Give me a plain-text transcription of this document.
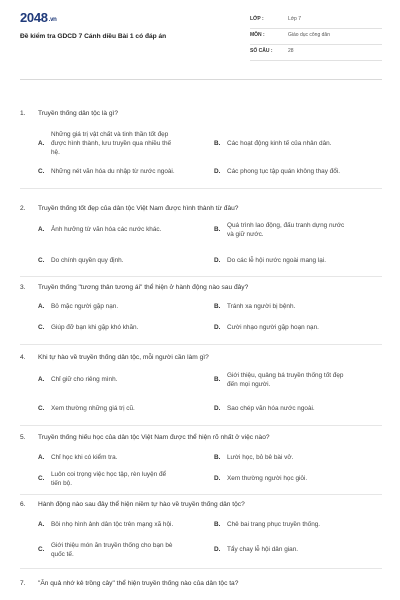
2048.vn
Đề kiểm tra GDCD 7 Cánh diều Bài 1 có đáp án
LỚP :	Lớp 7
MÔN :	Giáo dục công dân
SỐ CÂU :	28
1. Truyền thống dân tộc là gì?
A.
Những giá trị vật chất và tinh thần tốt đẹp
được hình thành, lưu truyền qua nhiều thế
hệ.
B. Các hoạt động kinh tế của nhân dân.
C. Những nét văn hóa du nhập từ nước ngoài.	D. Các phong tục tập quán không thay đổi.
2. Truyền thống tốt đẹp của dân tộc Việt Nam được hình thành từ đâu?
A. Ảnh hưởng từ văn hóa các nước khác.	B.
Quá trình lao động, đấu tranh dựng nước
và giữ nước.
C. Do chính quyền quy định.	D. Do các lễ hội nước ngoài mang lại.
3. Truyền thống "tương thân tương ái" thể hiện ở hành động nào sau đây?
A. Bỏ mặc người gặp nạn.	B. Tránh xa người bị bệnh.
C. Giúp đỡ bạn khi gặp khó khăn.	D. Cười nhạo người gặp hoạn nạn.
4. Khi tự hào về truyền thống dân tộc, mỗi người cần làm gì?
A. Chỉ giữ cho riêng mình.	B.
Giới thiệu, quảng bá truyền thống tốt đẹp
đến mọi người.
C. Xem thường những giá trị cũ.	D. Sao chép văn hóa nước ngoài.
5. Truyền thống hiếu học của dân tộc Việt Nam được thể hiện rõ nhất ở việc nào?
A. Chỉ học khi có kiểm tra.	B. Lười học, bỏ bê bài vở.
C.
Luôn coi trọng việc học tập, rèn luyện để
tiến bộ.
D. Xem thường người học giỏi.
6. Hành động nào sau đây thể hiện niềm tự hào về truyền thống dân tộc?
A. Bôi nhọ hình ảnh dân tộc trên mạng xã hội.	B. Chê bai trang phục truyền thống.
C.
Giới thiệu món ăn truyền thống cho bạn bè
quốc tế.
D. Tẩy chay lễ hội dân gian.
7. "Ăn quả nhớ kẻ trồng cây" thể hiện truyền thống nào của dân tộc ta?
